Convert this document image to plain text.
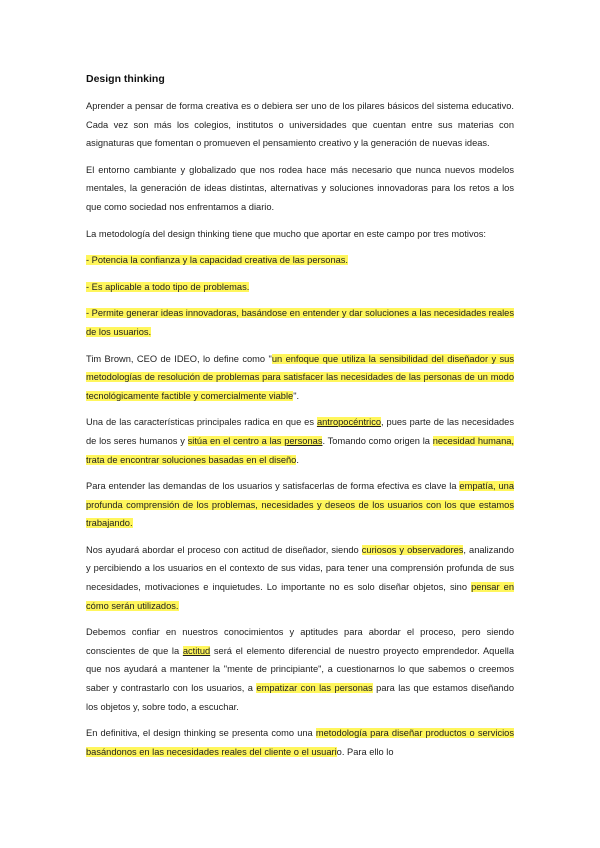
Design thinking

Aprender a pensar de forma creativa es o debiera ser uno de los pilares básicos del sistema educativo. Cada vez son más los colegios, institutos o universidades que cuentan entre sus materias con asignaturas que fomentan o promueven el pensamiento creativo y la generación de nuevas ideas.

El entorno cambiante y globalizado que nos rodea hace más necesario que nunca nuevos modelos mentales, la generación de ideas distintas, alternativas y soluciones innovadoras para los retos a los que como sociedad nos enfrentamos a diario.

La metodología del design thinking tiene que mucho que aportar en este campo por tres motivos:

- Potencia la confianza y la capacidad creativa de las personas.

- Es aplicable a todo tipo de problemas.

- Permite generar ideas innovadoras, basándose en entender y dar soluciones a las necesidades reales de los usuarios.

Tim Brown, CEO de IDEO, lo define como "un enfoque que utiliza la sensibilidad del diseñador y sus metodologías de resolución de problemas para satisfacer las necesidades de las personas de un modo tecnológicamente factible y comercialmente viable".

Una de las características principales radica en que es antropocéntrico, pues parte de las necesidades de los seres humanos y sitúa en el centro a las personas. Tomando como origen la necesidad humana, trata de encontrar soluciones basadas en el diseño.

Para entender las demandas de los usuarios y satisfacerlas de forma efectiva es clave la empatía, una profunda comprensión de los problemas, necesidades y deseos de los usuarios con los que estamos trabajando.

Nos ayudará abordar el proceso con actitud de diseñador, siendo curiosos y observadores, analizando y percibiendo a los usuarios en el contexto de sus vidas, para tener una comprensión profunda de sus necesidades, motivaciones e inquietudes. Lo importante no es solo diseñar objetos, sino pensar en cómo serán utilizados.

Debemos confiar en nuestros conocimientos y aptitudes para abordar el proceso, pero siendo conscientes de que la actitud será el elemento diferencial de nuestro proyecto emprendedor. Aquella que nos ayudará a mantener la "mente de principiante", a cuestionarnos lo que sabemos o creemos saber y contrastarlo con los usuarios, a empatizar con las personas para las que estamos diseñando los objetos y, sobre todo, a escuchar.

En definitiva, el design thinking se presenta como una metodología para diseñar productos o servicios basándonos en las necesidades reales del cliente o el usuario. Para ello lo
